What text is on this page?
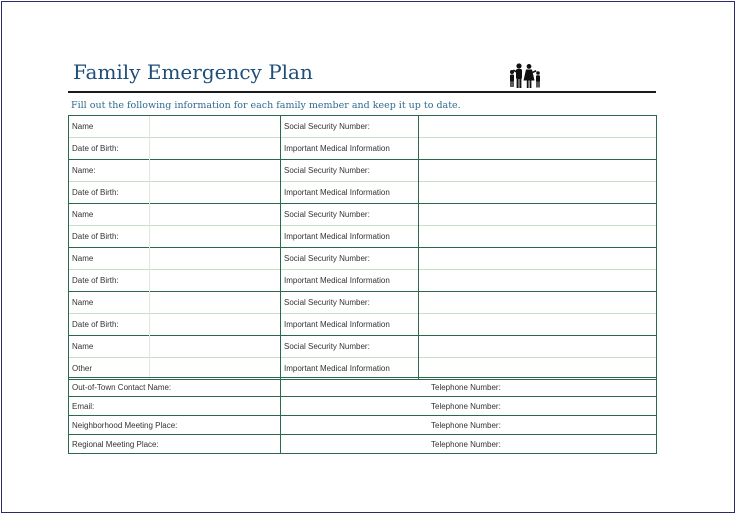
Family Emergency Plan
Fill out the following information for each family member and keep it up to date.
Name		Social Security Number:	
Date of Birth:		Important Medical Information	
Name:		Social Security Number:	
Date of Birth:		Important Medical Information	
Name		Social Security Number:	
Date of Birth:		Important Medical Information	
Name		Social Security Number:	
Date of Birth:		Important Medical Information	
Name		Social Security Number:	
Date of Birth:		Important Medical Information	
Name		Social Security Number:	
Other		Important Medical Information	
Out-of-Town Contact Name:	Telephone Number:
Email:	Telephone Number:
Neighborhood Meeting Place:	Telephone Number:
Regional Meeting Place:	Telephone Number:
